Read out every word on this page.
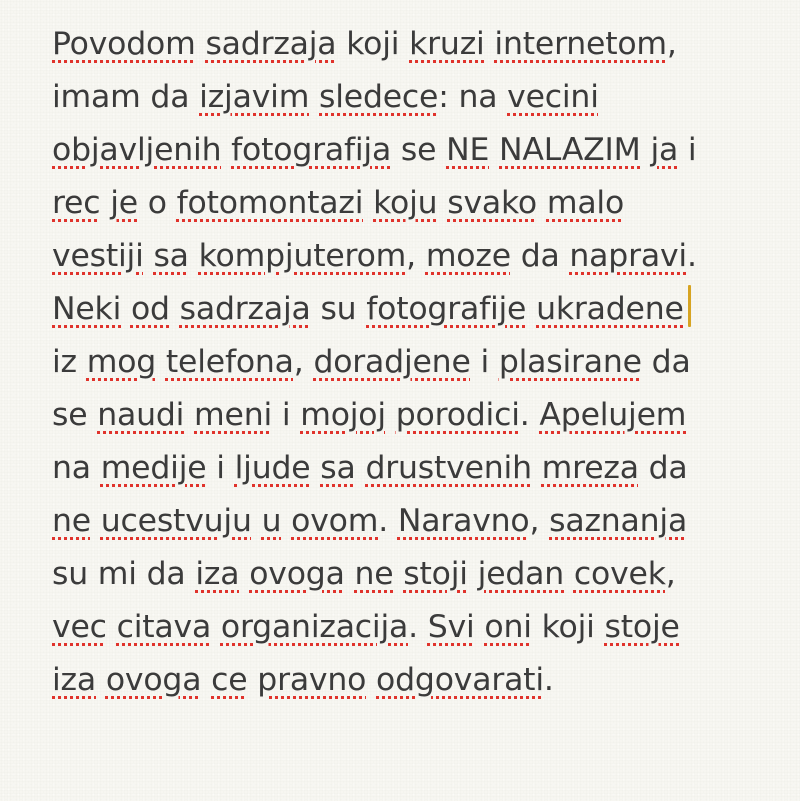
Povodom sadrzaja koji kruzi internetom,
imam da izjavim sledece: na vecini
objavljenih fotografija se NE NALAZIM ja i
rec je o fotomontazi koju svako malo
vestiji sa kompjuterom, moze da napravi.
Neki od sadrzaja su fotografije ukradene
iz mog telefona, doradjene i plasirane da
se naudi meni i mojoj porodici. Apelujem
na medije i ljude sa drustvenih mreza da
ne ucestvuju u ovom. Naravno, saznanja
su mi da iza ovoga ne stoji jedan covek,
vec citava organizacija. Svi oni koji stoje
iza ovoga ce pravno odgovarati.
